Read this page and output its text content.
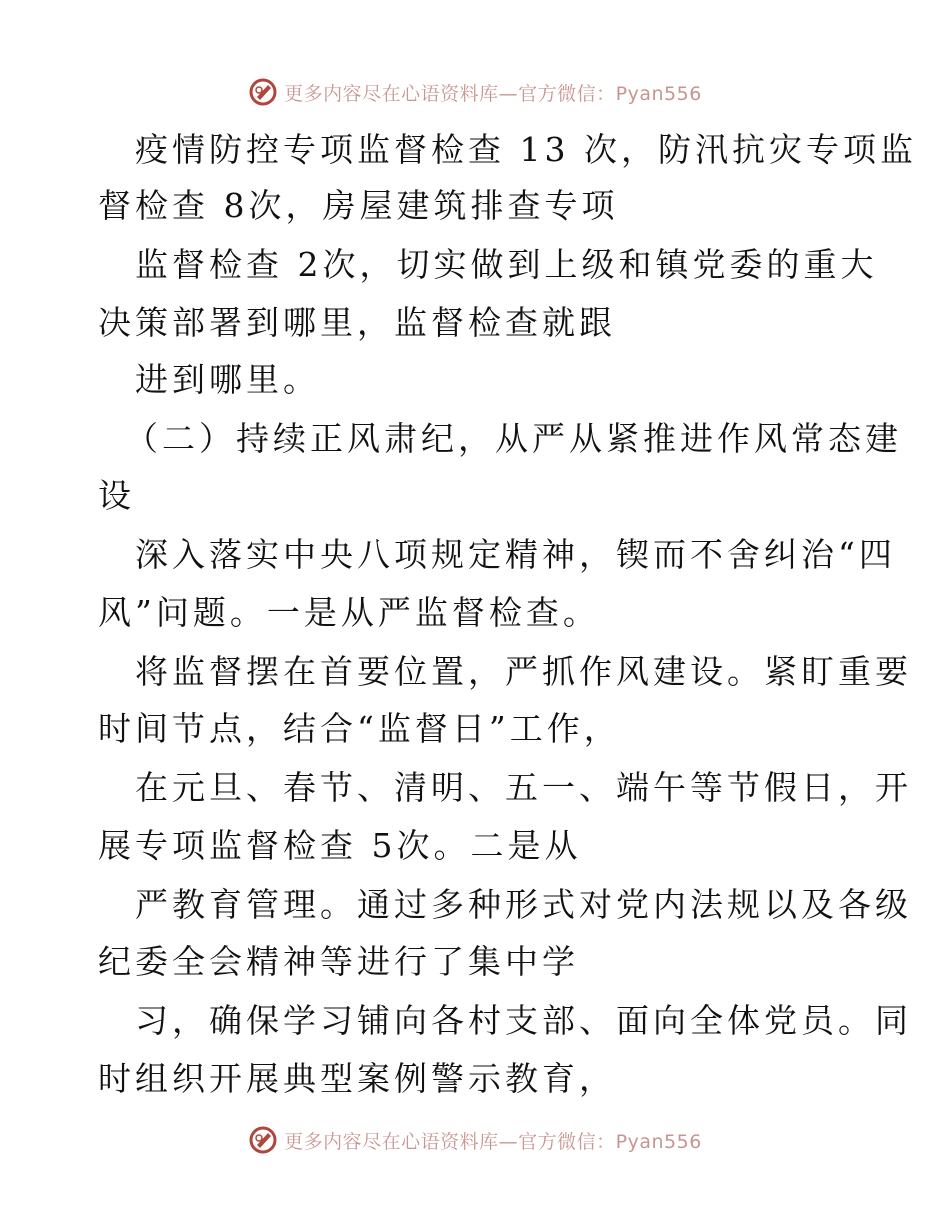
更多内容尽在心语资料库—官方微信：Pyan556
疫情防控专项监督检查 13 次，防汛抗灾专项监
督检查 8次，房屋建筑排查专项
监督检查 2次，切实做到上级和镇党委的重大
决策部署到哪里，监督检查就跟
进到哪里。
（二）持续正风肃纪，从严从紧推进作风常态建
设
深入落实中央八项规定精神，锲而不舍纠治“四
风”问题。一是从严监督检查。
将监督摆在首要位置，严抓作风建设。紧盯重要
时间节点，结合“监督日”工作，
在元旦、春节、清明、五一、端午等节假日，开
展专项监督检查 5次。二是从
严教育管理。通过多种形式对党内法规以及各级
纪委全会精神等进行了集中学
习，确保学习铺向各村支部、面向全体党员。同
时组织开展典型案例警示教育，
更多内容尽在心语资料库—官方微信：Pyan556
